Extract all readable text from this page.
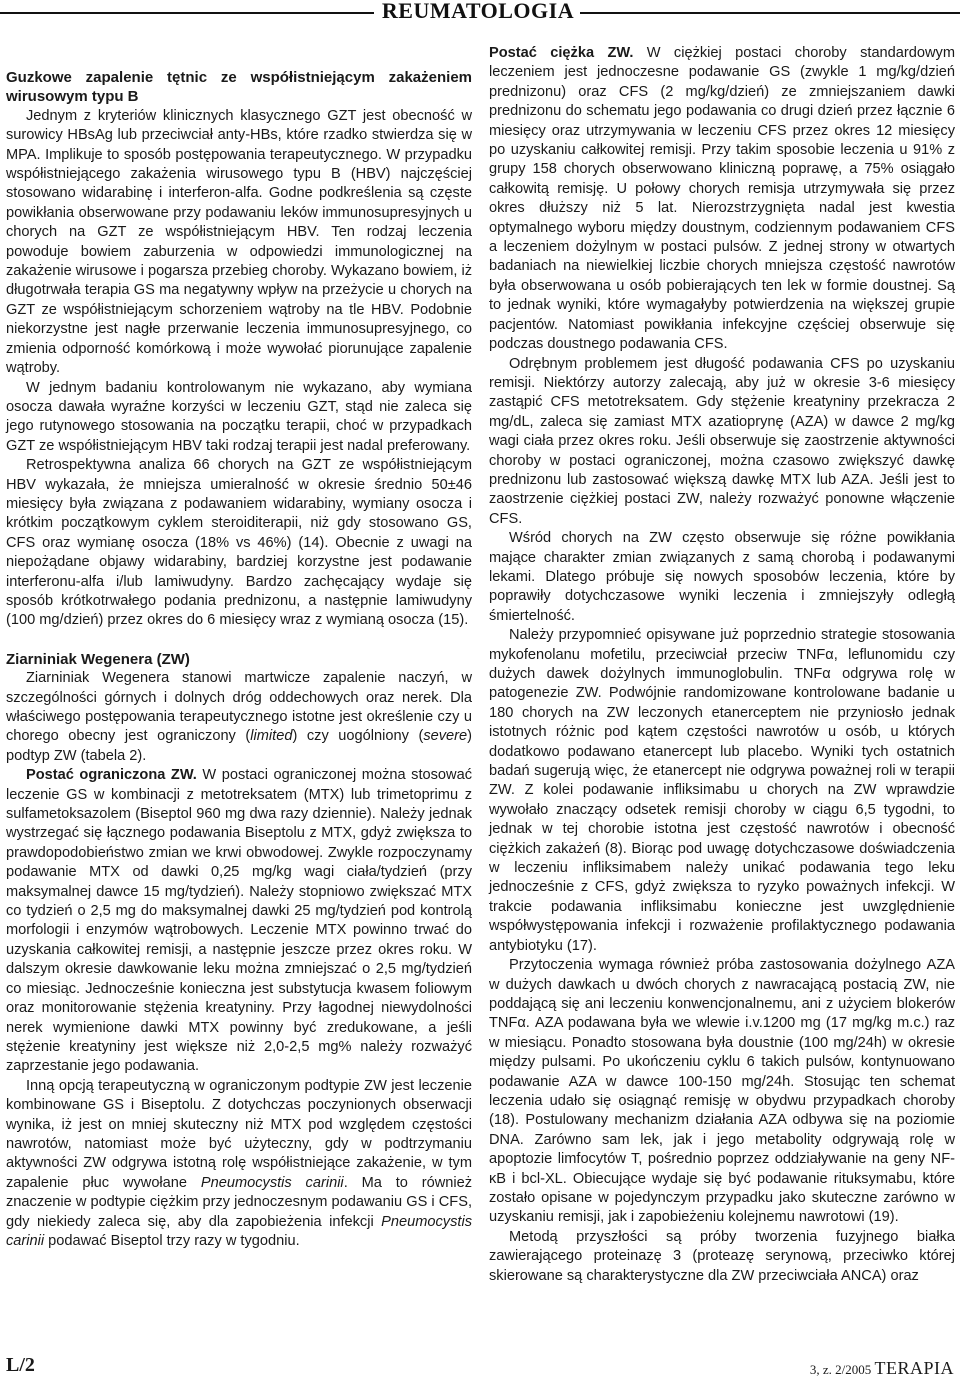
REUMATOLOGIA
Guzkowe zapalenie tętnic ze współistniejącym zakażeniem wirusowym typu B

Jednym z kryteriów klinicznych klasycznego GZT jest obecność w surowicy HBsAg lub przeciwciał anty-HBs, które rzadko stwierdza się w MPA. Implikuje to sposób postępowania terapeutycznego. W przypadku współistniejącego zakażenia wirusowego typu B (HBV) najczęściej stosowano widarabinę i interferon-alfa. Godne podkreślenia są częste powikłania obserwowane przy podawaniu leków immunosupresyjnych u chorych na GZT ze współistniejącym HBV. Ten rodzaj leczenia powoduje bowiem zaburzenia w odpowiedzi immunologicznej na zakażenie wirusowe i pogarsza przebieg choroby. Wykazano bowiem, iż długotrwała terapia GS ma negatywny wpływ na przeżycie u chorych na GZT ze współistniejącym schorzeniem wątroby na tle HBV. Podobnie niekorzystne jest nagłe przerwanie leczenia immunosupresyjnego, co zmienia odporność komórkową i może wywołać piorunujące zapalenie wątroby.

W jednym badaniu kontrolowanym nie wykazano, aby wymiana osocza dawała wyraźne korzyści w leczeniu GZT, stąd nie zaleca się jego rutynowego stosowania na początku terapii, choć w przypadkach GZT ze współistniejącym HBV taki rodzaj terapii jest nadal preferowany.

Retrospektywna analiza 66 chorych na GZT ze współistniejącym HBV wykazała, że mniejsza umieralność w okresie średnio 50±46 miesięcy była związana z podawaniem widarabiny, wymiany osocza i krótkim początkowym cyklem steroiditerapii, niż gdy stosowano GS, CFS oraz wymianę osocza (18% vs 46%) (14). Obecnie z uwagi na niepożądane objawy widarabiny, bardziej korzystne jest podawanie interferonu-alfa i/lub lamiwudyny. Bardzo zachęcający wydaje się sposób krótkotrwałego podania prednizonu, a następnie lamiwudyny (100 mg/dzień) przez okres do 6 miesięcy wraz z wymianą osocza (15).

Ziarniniak Wegenera (ZW)

Ziarniniak Wegenera stanowi martwicze zapalenie naczyń, w szczególności górnych i dolnych dróg oddechowych oraz nerek. Dla właściwego postępowania terapeutycznego istotne jest określenie czy u chorego obecny jest ograniczony (limited) czy uogólniony (severe) podtyp ZW (tabela 2).

Postać ograniczona ZW. W postaci ograniczonej można stosować leczenie GS w kombinacji z metotreksatem (MTX) lub trimetoprimu z sulfametoksazolem (Biseptol 960 mg dwa razy dziennie). Należy jednak wystrzegać się łącznego podawania Biseptolu z MTX, gdyż zwiększa to prawdopodobieństwo zmian we krwi obwodowej. Zwykle rozpoczynamy podawanie MTX od dawki 0,25 mg/kg wagi ciała/tydzień (przy maksymalnej dawce 15 mg/tydzień). Należy stopniowo zwiększać MTX co tydzień o 2,5 mg do maksymalnej dawki 25 mg/tydzień pod kontrolą morfologii i enzymów wątrobowych. Leczenie MTX powinno trwać do uzyskania całkowitej remisji, a następnie jeszcze przez okres roku. W dalszym okresie dawkowanie leku można zmniejszać o 2,5 mg/tydzień co miesiąc. Jednocześnie konieczna jest substytucja kwasem foliowym oraz monitorowanie stężenia kreatyniny. Przy łagodnej niewydolności nerek wymienione dawki MTX powinny być zredukowane, a jeśli stężenie kreatyniny jest większe niż 2,0-2,5 mg% należy rozważyć zaprzestanie jego podawania.

Inną opcją terapeutyczną w ograniczonym podtypie ZW jest leczenie kombinowane GS i Biseptolu. Z dotychczas poczynionych obserwacji wynika, iż jest on mniej skuteczny niż MTX pod względem częstości nawrotów, natomiast może być użyteczny, gdy w podtrzymaniu aktywności ZW odgrywa istotną rolę współistniejące zakażenie, w tym zapalenie płuc wywołane Pneumocystis carinii. Ma to również znaczenie w podtypie ciężkim przy jednoczesnym podawaniu GS i CFS, gdy niekiedy zaleca się, aby dla zapobieżenia infekcji Pneumocystis carinii podawać Biseptol trzy razy w tygodniu.

Postać ciężka ZW. W ciężkiej postaci choroby standardowym leczeniem jest jednoczesne podawanie GS (zwykle 1 mg/kg/dzień prednizonu) oraz CFS (2 mg/kg/dzień) ze zmniejszaniem dawki prednizonu do schematu jego podawania co drugi dzień przez łącznie 6 miesięcy oraz utrzymywania w leczeniu CFS przez okres 12 miesięcy po uzyskaniu całkowitej remisji. Przy takim sposobie leczenia u 91% z grupy 158 chorych obserwowano kliniczną poprawę, a 75% osiągało całkowitą remisję. U połowy chorych remisja utrzymywała się przez okres dłuższy niż 5 lat. Nierozstrzygnięta nadal jest kwestia optymalnego wyboru między doustnym, codziennym podawaniem CFS a leczeniem dożylnym w postaci pulsów. Z jednej strony w otwartych badaniach na niewielkiej liczbie chorych mniejsza częstość nawrotów była obserwowana u osób pobierających ten lek w formie doustnej. Są to jednak wyniki, które wymagałyby potwierdzenia na większej grupie pacjentów. Natomiast powikłania infekcyjne częściej obserwuje się podczas doustnego podawania CFS.

Odrębnym problemem jest długość podawania CFS po uzyskaniu remisji. Niektórzy autorzy zalecają, aby już w okresie 3-6 miesięcy zastąpić CFS metotreksatem. Gdy stężenie kreatyniny przekracza 2 mg/dL, zaleca się zamiast MTX azatioprynę (AZA) w dawce 2 mg/kg wagi ciała przez okres roku. Jeśli obserwuje się zaostrzenie aktywności choroby w postaci ograniczonej, można czasowo zwiększyć dawkę prednizonu lub zastosować większą dawkę MTX lub AZA. Jeśli jest to zaostrzenie ciężkiej postaci ZW, należy rozważyć ponowne włączenie CFS.

Wśród chorych na ZW często obserwuje się różne powikłania mające charakter zmian związanych z samą chorobą i podawanymi lekami. Dlatego próbuje się nowych sposobów leczenia, które by poprawiły dotychczasowe wyniki leczenia i zmniejszyły odległą śmiertelność.

Należy przypomnieć opisywane już poprzednio strategie stosowania mykofenolanu mofetilu, przeciwciał przeciw TNFα, leflunomidu czy dużych dawek dożylnych immunoglobulin. TNFα odgrywa rolę w patogenezie ZW. Podwójnie randomizowane kontrolowane badanie u 180 chorych na ZW leczonych etanerceptem nie przyniosło jednak istotnych różnic pod kątem częstości nawrotów u osób, u których dodatkowo podawano etanercept lub placebo. Wyniki tych ostatnich badań sugerują więc, że etanercept nie odgrywa poważnej roli w terapii ZW. Z kolei podawanie infliksimabu u chorych na ZW wprawdzie wywołało znaczący odsetek remisji choroby w ciągu 6,5 tygodni, to jednak w tej chorobie istotna jest częstość nawrotów i obecność ciężkich zakażeń (8). Biorąc pod uwagę dotychczasowe doświadczenia w leczeniu infliksimabem należy unikać podawania tego leku jednocześnie z CFS, gdyż zwiększa to ryzyko poważnych infekcji. W trakcie podawania infliksimabu konieczne jest uwzględnienie współwystępowania infekcji i rozważenie profilaktycznego podawania antybiotyku (17).

Przytoczenia wymaga również próba zastosowania dożylnego AZA w dużych dawkach u dwóch chorych z nawracającą postacią ZW, nie poddającą się ani leczeniu konwencjonalnemu, ani z użyciem blokerów TNFα. AZA podawana była we wlewie i.v.1200 mg (17 mg/kg m.c.) raz w miesiącu. Ponadto stosowana była doustnie (100 mg/24h) w okresie między pulsami. Po ukończeniu cyklu 6 takich pulsów, kontynuowano podawanie AZA w dawce 100-150 mg/24h. Stosując ten schemat leczenia udało się osiągnąć remisję w obydwu przypadkach choroby (18). Postulowany mechanizm działania AZA odbywa się na poziomie DNA. Zarówno sam lek, jak i jego metabolity odgrywają rolę w apoptozie limfocytów T, pośrednio poprzez oddziaływanie na geny NF-κB i bcl-XL. Obiecujące wydaje się być podawanie rituksymabu, które zostało opisane w pojedynczym przypadku jako skuteczne zarówno w uzyskaniu remisji, jak i zapobieżeniu kolejnemu nawrotowi (19).

Metodą przyszłości są próby tworzenia fuzyjnego białka zawierającego proteinazę 3 (proteazę serynową, przeciwko której skierowane są charakterystyczne dla ZW przeciwciała ANCA) oraz

L/2	3, z. 2/2005 TERAPIA
